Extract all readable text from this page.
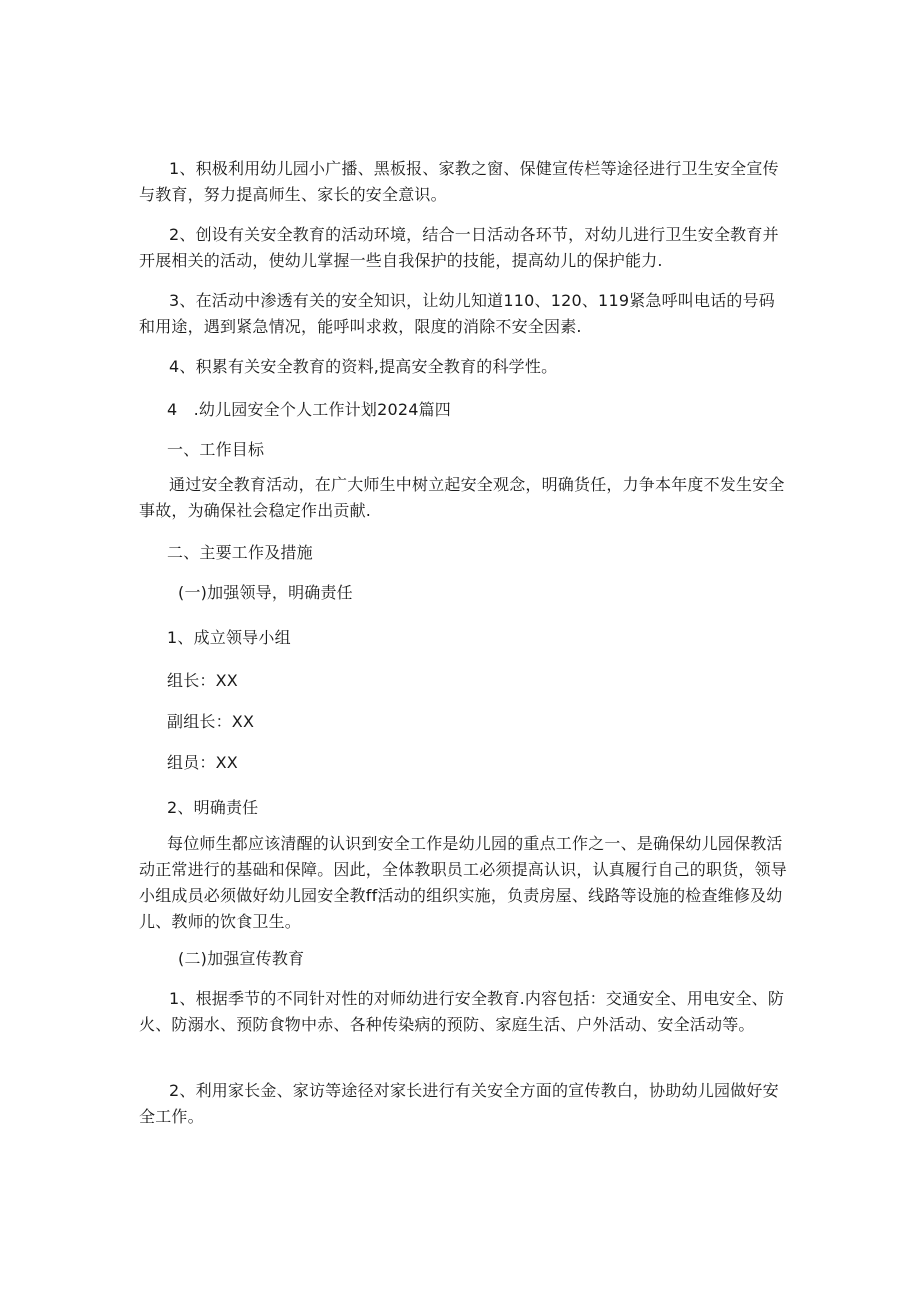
1、积极利用幼儿园小广播、黑板报、家教之窗、保健宣传栏等途径进行卫生安全宣传与教育，努力提高师生、家长的安全意识。

2、创设有关安全教育的活动环境，结合一日活动各环节，对幼儿进行卫生安全教育并开展相关的活动，使幼儿掌握一些自我保护的技能，提高幼儿的保护能力.

3、在活动中渗透有关的安全知识，让幼儿知道110、120、119紧急呼叫电话的号码和用途，遇到紧急情况，能呼叫求救，限度的消除不安全因素.

4、积累有关安全教育的资料,提高安全教育的科学性。

4　.幼儿园安全个人工作计划2024篇四

一、工作目标

通过安全教育活动，在广大师生中树立起安全观念，明确货任，力争本年度不发生安全事故，为确保社会稳定作出贡献.

二、主要工作及措施

(一)加强领导，明确责任

1、成立领导小组

组长：XX

副组长：XX

组员：XX

2、明确责任

每位师生都应该清醒的认识到安全工作是幼儿园的重点工作之一、是确保幼儿园保教活动正常进行的基础和保障。因此，全体教职员工必须提高认识，认真履行自己的职货，领导小组成员必须做好幼儿园安全教ff活动的组织实施，负责房屋、线路等设施的检查维修及幼儿、教师的饮食卫生。

(二)加强宣传教育

1、根据季节的不同针对性的对师幼进行安全教育.内容包括：交通安全、用电安全、防火、防溺水、预防食物中赤、各种传染病的预防、家庭生活、户外活动、安全活动等。

2、利用家长金、家访等途径对家长进行有关安全方面的宣传教白，协助幼儿园做好安全工作。
